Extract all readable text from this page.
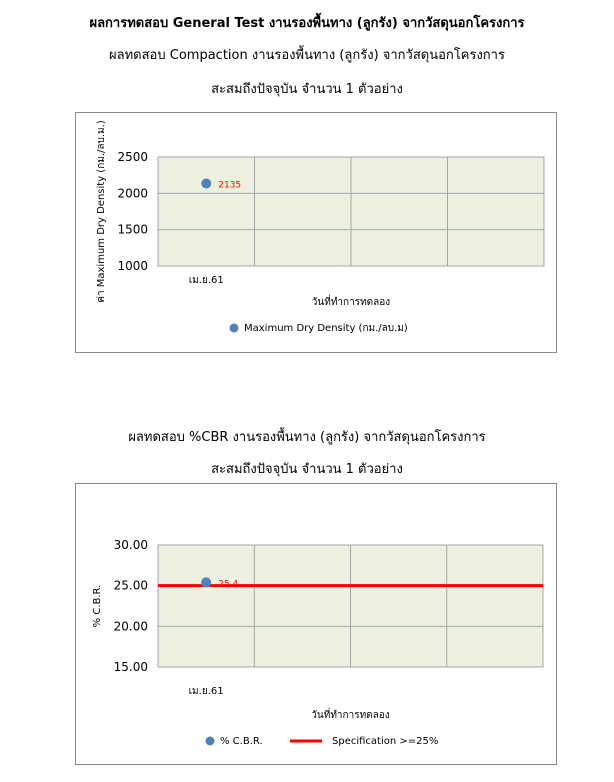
ผลการทดสอบ General Test งานรองพื้นทาง (ลูกรัง) จากวัสดุนอกโครงการ
ผลทดสอบ Compaction งานรองพื้นทาง (ลูกรัง) จากวัสดุนอกโครงการ
สะสมถึงปัจจุบัน จำนวน 1 ตัวอย่าง
2500
2000
1500
1000
เม.ย.61
2135
ค่า Maximum Dry Density (กม./ลบ.ม.)	วันที่ทำการทดลอง
Maximum Dry Density (กม./ลบ.ม)
ผลทดสอบ %CBR งานรองพื้นทาง (ลูกรัง) จากวัสดุนอกโครงการ
สะสมถึงปัจจุบัน จำนวน 1 ตัวอย่าง
30.00
25.00
20.00
15.00
เม.ย.61
25.4
% C.B.R.
วันที่ทำการทดลอง
% C.B.R.	Specification >=25%
